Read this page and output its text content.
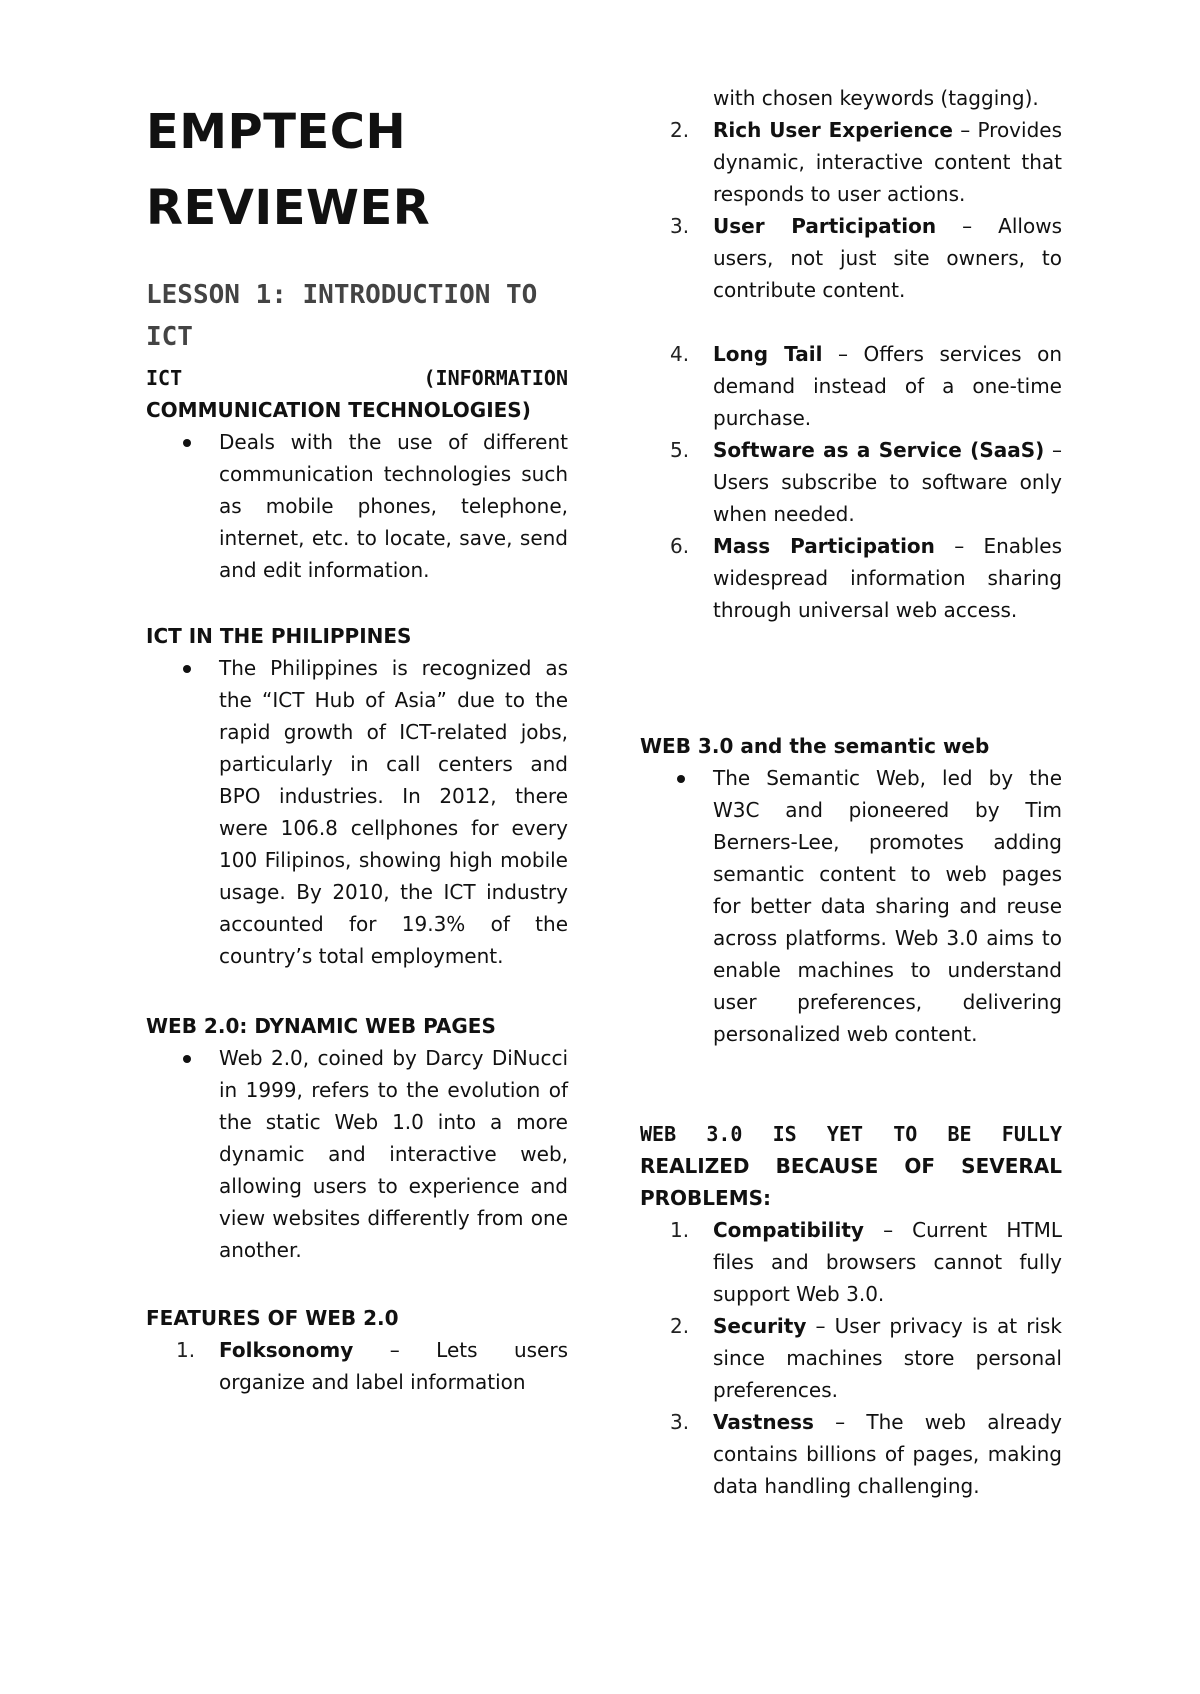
EMPTECH
REVIEWER
LESSON 1: INTRODUCTION TO ICT
ICT	(INFORMATION
COMMUNICATION TECHNOLOGIES)
Deals with the use of different communication technologies such as mobile phones, telephone, internet, etc. to locate, save, send and edit information.
ICT IN THE PHILIPPINES
The Philippines is recognized as the “ICT Hub of Asia” due to the rapid growth of ICT-related jobs, particularly in call centers and BPO industries. In 2012, there were 106.8 cellphones for every 100 Filipinos, showing high mobile usage. By 2010, the ICT industry accounted for 19.3% of the country’s total employment.
WEB 2.0: DYNAMIC WEB PAGES
Web 2.0, coined by Darcy DiNucci in 1999, refers to the evolution of the static Web 1.0 into a more dynamic and interactive web, allowing users to experience and view websites differently from one another.
FEATURES OF WEB 2.0
1.	Folksonomy – Lets users organize and label information
with chosen keywords (tagging).
2.	Rich User Experience – Provides dynamic, interactive content that responds to user actions.
3.	User Participation – Allows users, not just site owners, to contribute content.
4.	Long Tail – Offers services on demand instead of a one-time purchase.
5.	Software as a Service (SaaS) – Users subscribe to software only when needed.
6.	Mass Participation – Enables widespread information sharing through universal web access.
WEB 3.0 and the semantic web
The Semantic Web, led by the W3C and pioneered by Tim Berners-Lee, promotes adding semantic content to web pages for better data sharing and reuse across platforms. Web 3.0 aims to enable machines to understand user preferences, delivering personalized web content.
WEB 3.0 IS YET TO BE FULLY
REALIZED BECAUSE OF SEVERAL PROBLEMS:
1.	Compatibility – Current HTML files and browsers cannot fully support Web 3.0.
2.	Security – User privacy is at risk since machines store personal preferences.
3.	Vastness – The web already contains billions of pages, making data handling challenging.
